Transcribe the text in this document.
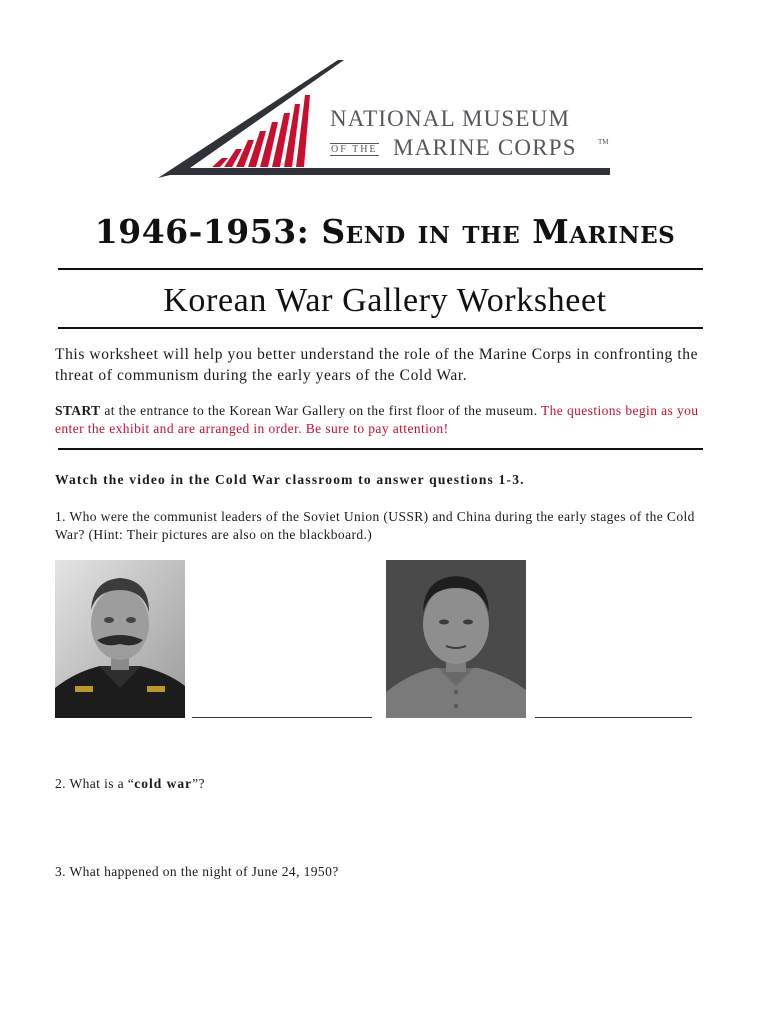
NATIONAL MUSEUM
OF THE MARINE CORPS	TM
1946-1953: Send in the Marines
Korean War Gallery Worksheet
This worksheet will help you better understand the role of the Marine Corps in confronting the threat of communism during the early years of the Cold War.
START at the entrance to the Korean War Gallery on the first floor of the museum. The questions begin as you enter the exhibit and are arranged in order. Be sure to pay attention!
Watch the video in the Cold War classroom to answer questions 1-3.
1. Who were the communist leaders of the Soviet Union (USSR) and China during the early stages of the Cold War? (Hint: Their pictures are also on the blackboard.)
2. What is a “cold war”?
3. What happened on the night of June 24, 1950?
